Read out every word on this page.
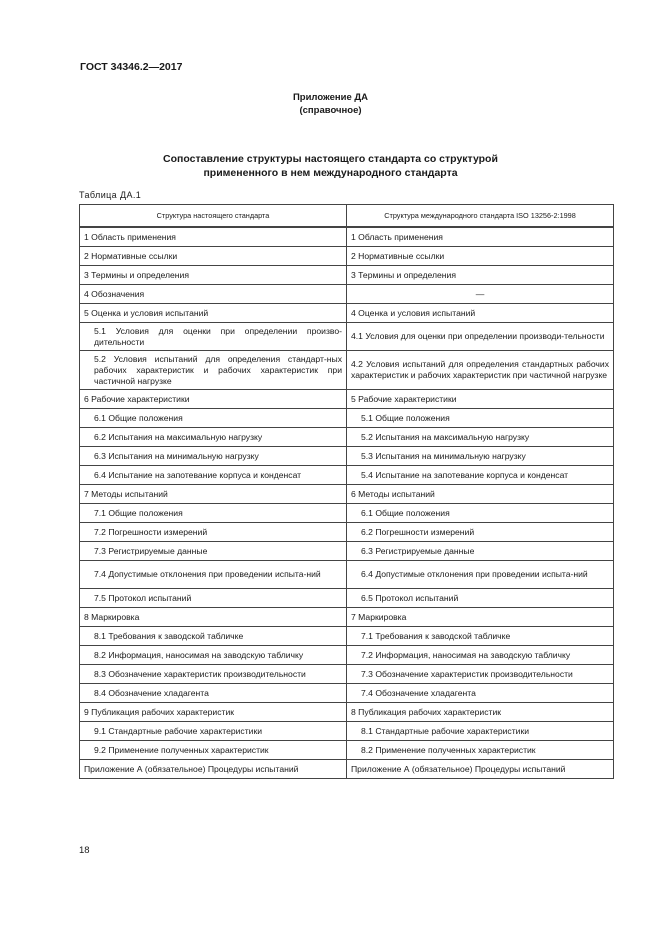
ГОСТ 34346.2—2017
Приложение ДА
(справочное)
Сопоставление структуры настоящего стандарта со структурой
примененного в нем международного стандарта
Таблица ДА.1
Структура настоящего стандарта	Структура международного стандарта ISO 13256-2:1998
1 Область применения	1 Область применения
2 Нормативные ссылки	2 Нормативные ссылки
3 Термины и определения	3 Термины и определения
4 Обозначения	—
5 Оценка и условия испытаний	4 Оценка и условия испытаний
5.1 Условия для оценки при определении произво-дительности	4.1 Условия для оценки при определении производи-тельности
5.2 Условия испытаний для определения стандарт-ных рабочих характеристик и рабочих характеристик при частичной нагрузке	4.2 Условия испытаний для определения стандартных рабочих характеристик и рабочих характеристик при частичной нагрузке
6 Рабочие характеристики	5 Рабочие характеристики
6.1 Общие положения	5.1 Общие положения
6.2 Испытания на максимальную нагрузку	5.2 Испытания на максимальную нагрузку
6.3 Испытания на минимальную нагрузку	5.3 Испытания на минимальную нагрузку
6.4 Испытание на запотевание корпуса и конденсат	5.4 Испытание на запотевание корпуса и конденсат
7 Методы испытаний	6 Методы испытаний
7.1 Общие положения	6.1 Общие положения
7.2 Погрешности измерений	6.2 Погрешности измерений
7.3 Регистрируемые данные	6.3 Регистрируемые данные
7.4 Допустимые отклонения при проведении испыта-ний	6.4 Допустимые отклонения при проведении испыта-ний
7.5 Протокол испытаний	6.5 Протокол испытаний
8 Маркировка	7 Маркировка
8.1 Требования к заводской табличке	7.1 Требования к заводской табличке
8.2 Информация, наносимая на заводскую табличку	7.2 Информация, наносимая на заводскую табличку
8.3 Обозначение характеристик производительности	7.3 Обозначение характеристик производительности
8.4 Обозначение хладагента	7.4 Обозначение хладагента
9 Публикация рабочих характеристик	8 Публикация рабочих характеристик
9.1 Стандартные рабочие характеристики	8.1 Стандартные рабочие характеристики
9.2 Применение полученных характеристик	8.2 Применение полученных характеристик
Приложение А (обязательное) Процедуры испытаний	Приложение А (обязательное) Процедуры испытаний
18
